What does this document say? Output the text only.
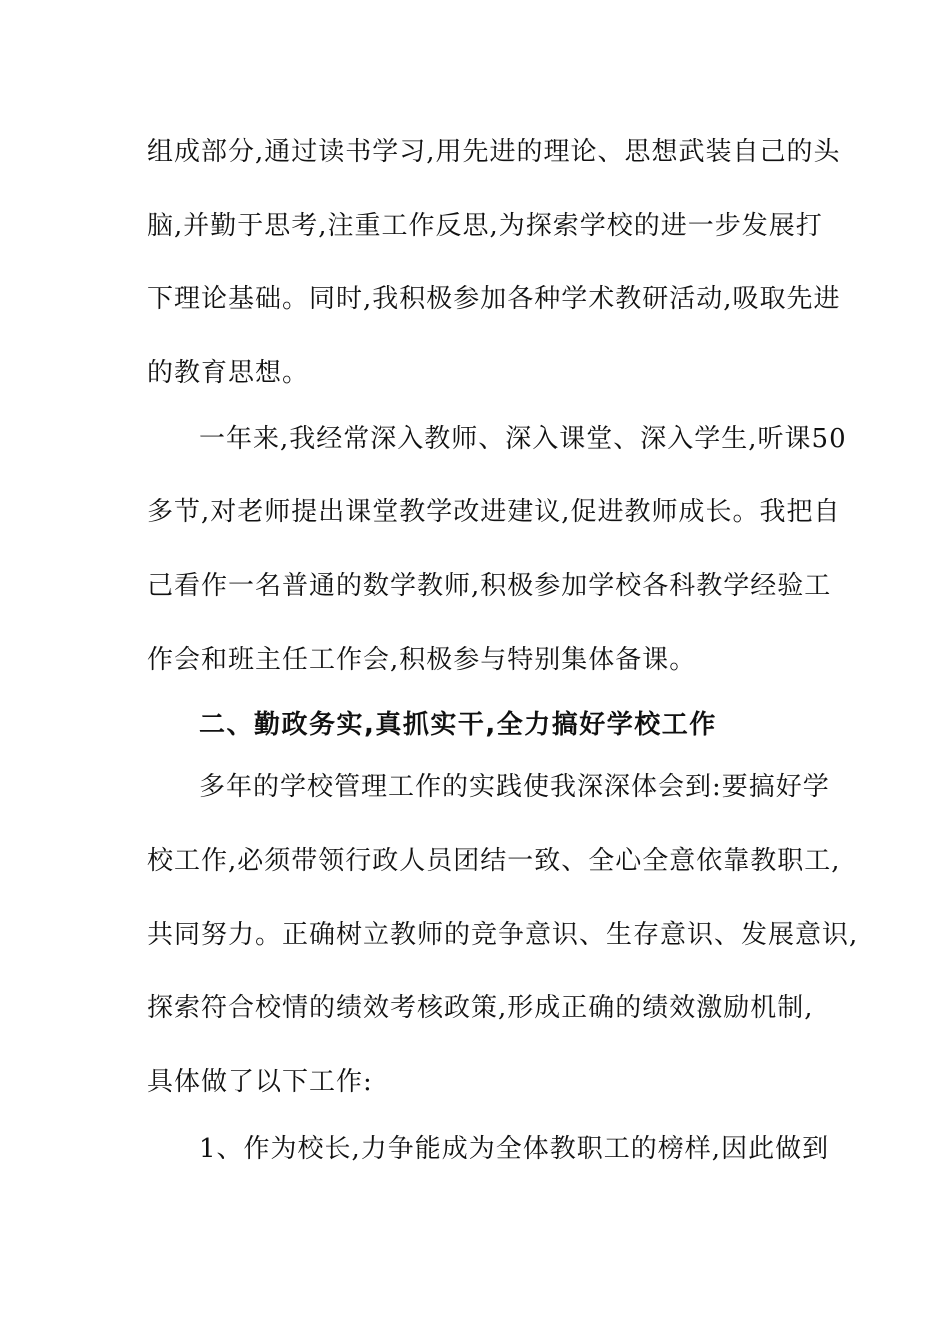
组成部分,通过读书学习,用先进的理论、思想武装自己的头
脑,并勤于思考,注重工作反思,为探索学校的进一步发展打
下理论基础。同时,我积极参加各种学术教研活动,吸取先进
的教育思想。
一年来,我经常深入教师、深入课堂、深入学生,听课50
多节,对老师提出课堂教学改进建议,促进教师成长。我把自
己看作一名普通的数学教师,积极参加学校各科教学经验工
作会和班主任工作会,积极参与特别集体备课。
二、勤政务实,真抓实干,全力搞好学校工作
多年的学校管理工作的实践使我深深体会到:要搞好学
校工作,必须带领行政人员团结一致、全心全意依靠教职工,
共同努力。正确树立教师的竞争意识、生存意识、发展意识,
探索符合校情的绩效考核政策,形成正确的绩效激励机制,
具体做了以下工作:
1、作为校长,力争能成为全体教职工的榜样,因此做到
